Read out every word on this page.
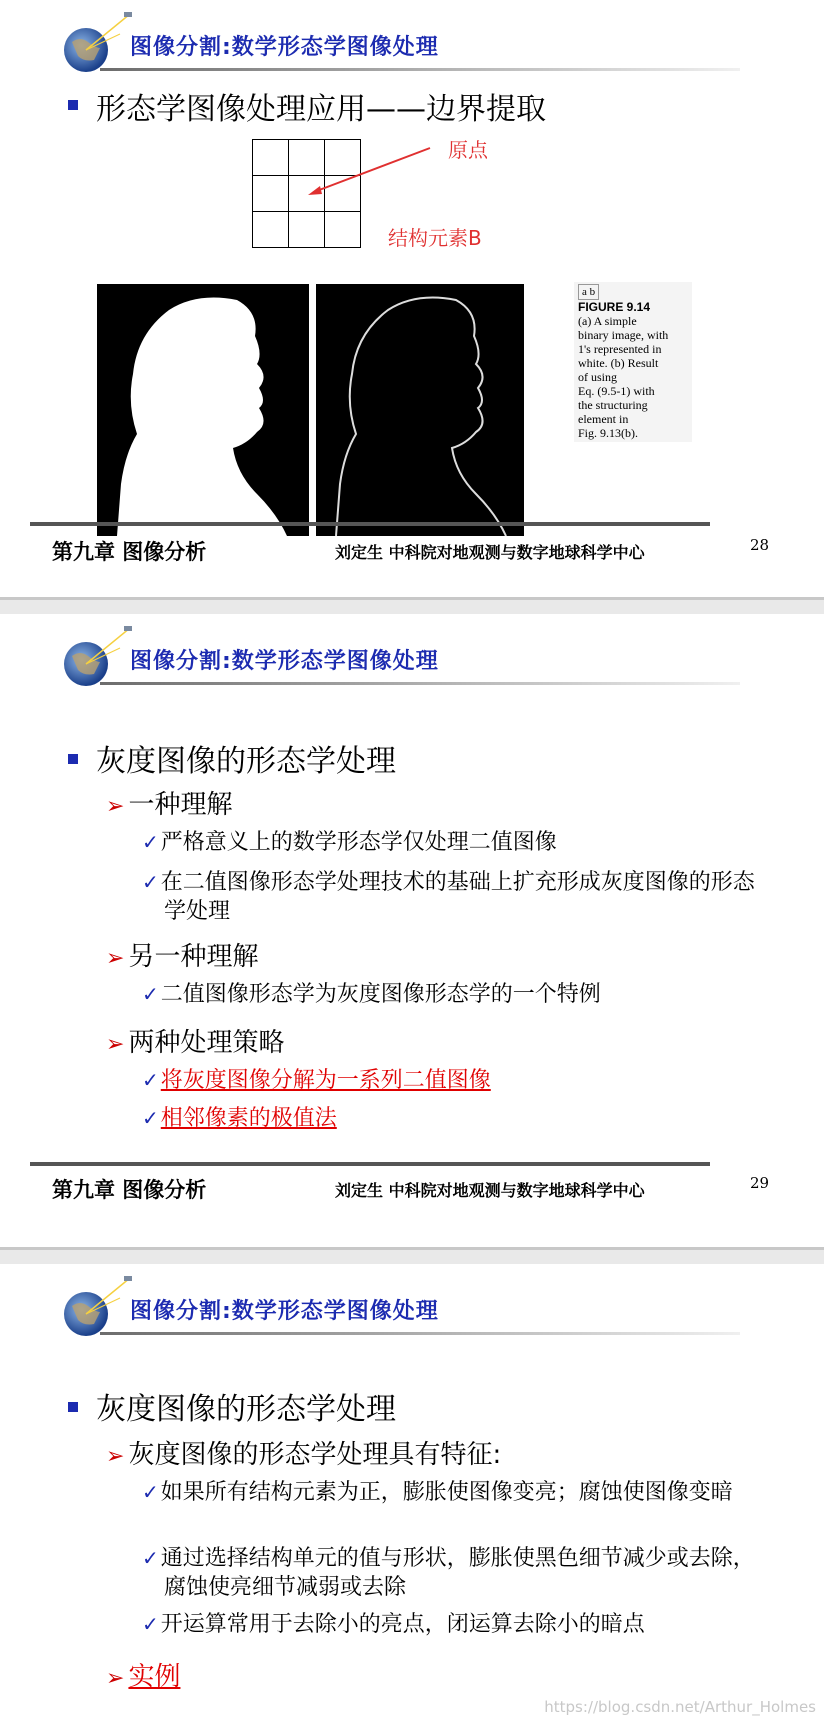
图像分割:数学形态学图像处理
形态学图像处理应用——边界提取
原点
结构元素B
a b
FIGURE 9.14
(a) A simple
binary image, with
1's represented in
white. (b) Result
of using
Eq. (9.5-1) with
the structuring
element in
Fig. 9.13(b).
第九章 图像分析	刘定生 中科院对地观测与数字地球科学中心	28
图像分割:数学形态学图像处理
灰度图像的形态学处理
➢ 一种理解
✓严格意义上的数学形态学仅处理二值图像
✓在二值图像形态学处理技术的基础上扩充形成灰度图像的形态学处理
➢ 另一种理解
✓二值图像形态学为灰度图像形态学的一个特例
➢ 两种处理策略
✓将灰度图像分解为一系列二值图像
✓相邻像素的极值法
第九章 图像分析	刘定生 中科院对地观测与数字地球科学中心	29
图像分割:数学形态学图像处理
灰度图像的形态学处理
➢ 灰度图像的形态学处理具有特征:
✓如果所有结构元素为正，膨胀使图像变亮；腐蚀使图像变暗
✓通过选择结构单元的值与形状，膨胀使黑色细节减少或去除，腐蚀使亮细节减弱或去除
✓开运算常用于去除小的亮点，闭运算去除小的暗点
➢ 实例
https://blog.csdn.net/Arthur_Holmes
